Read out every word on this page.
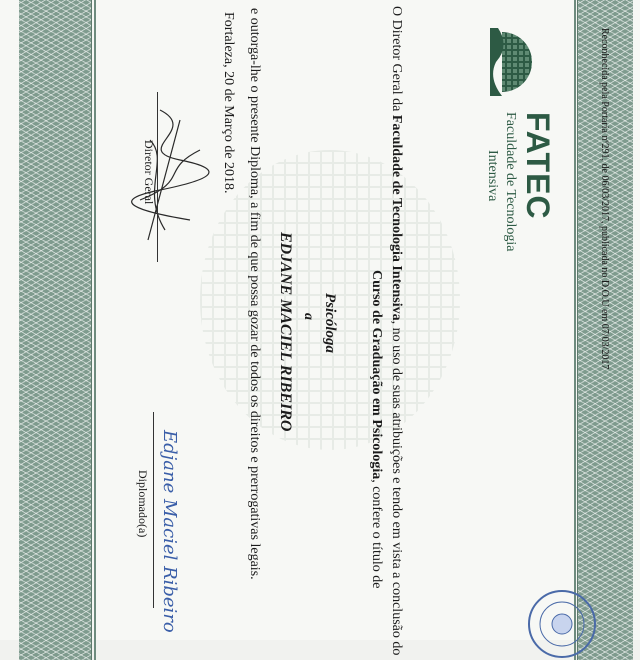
FATEC
Faculdade de Tecnologia
Intensiva	Reconhecida pela Portaria nº291, de 06/03/2017, publicada no D.O.U em 07/03/2017
O Diretor Geral da Faculdade de Tecnologia Intensiva, no uso de suas atribuições e tendo em vista a conclusão do
Curso de Graduação em Psicologia, confere o título de
Psicóloga
a
EDJANE MACIEL RIBEIRO
e outorga-lhe o presente Diploma, a fim de que possa gozar de todos os direitos e prerrogativas legais.
Fortaleza, 20 de Março de 2018.
Diretor Geral
Edjane Maciel Ribeiro
Diplomado(a)
